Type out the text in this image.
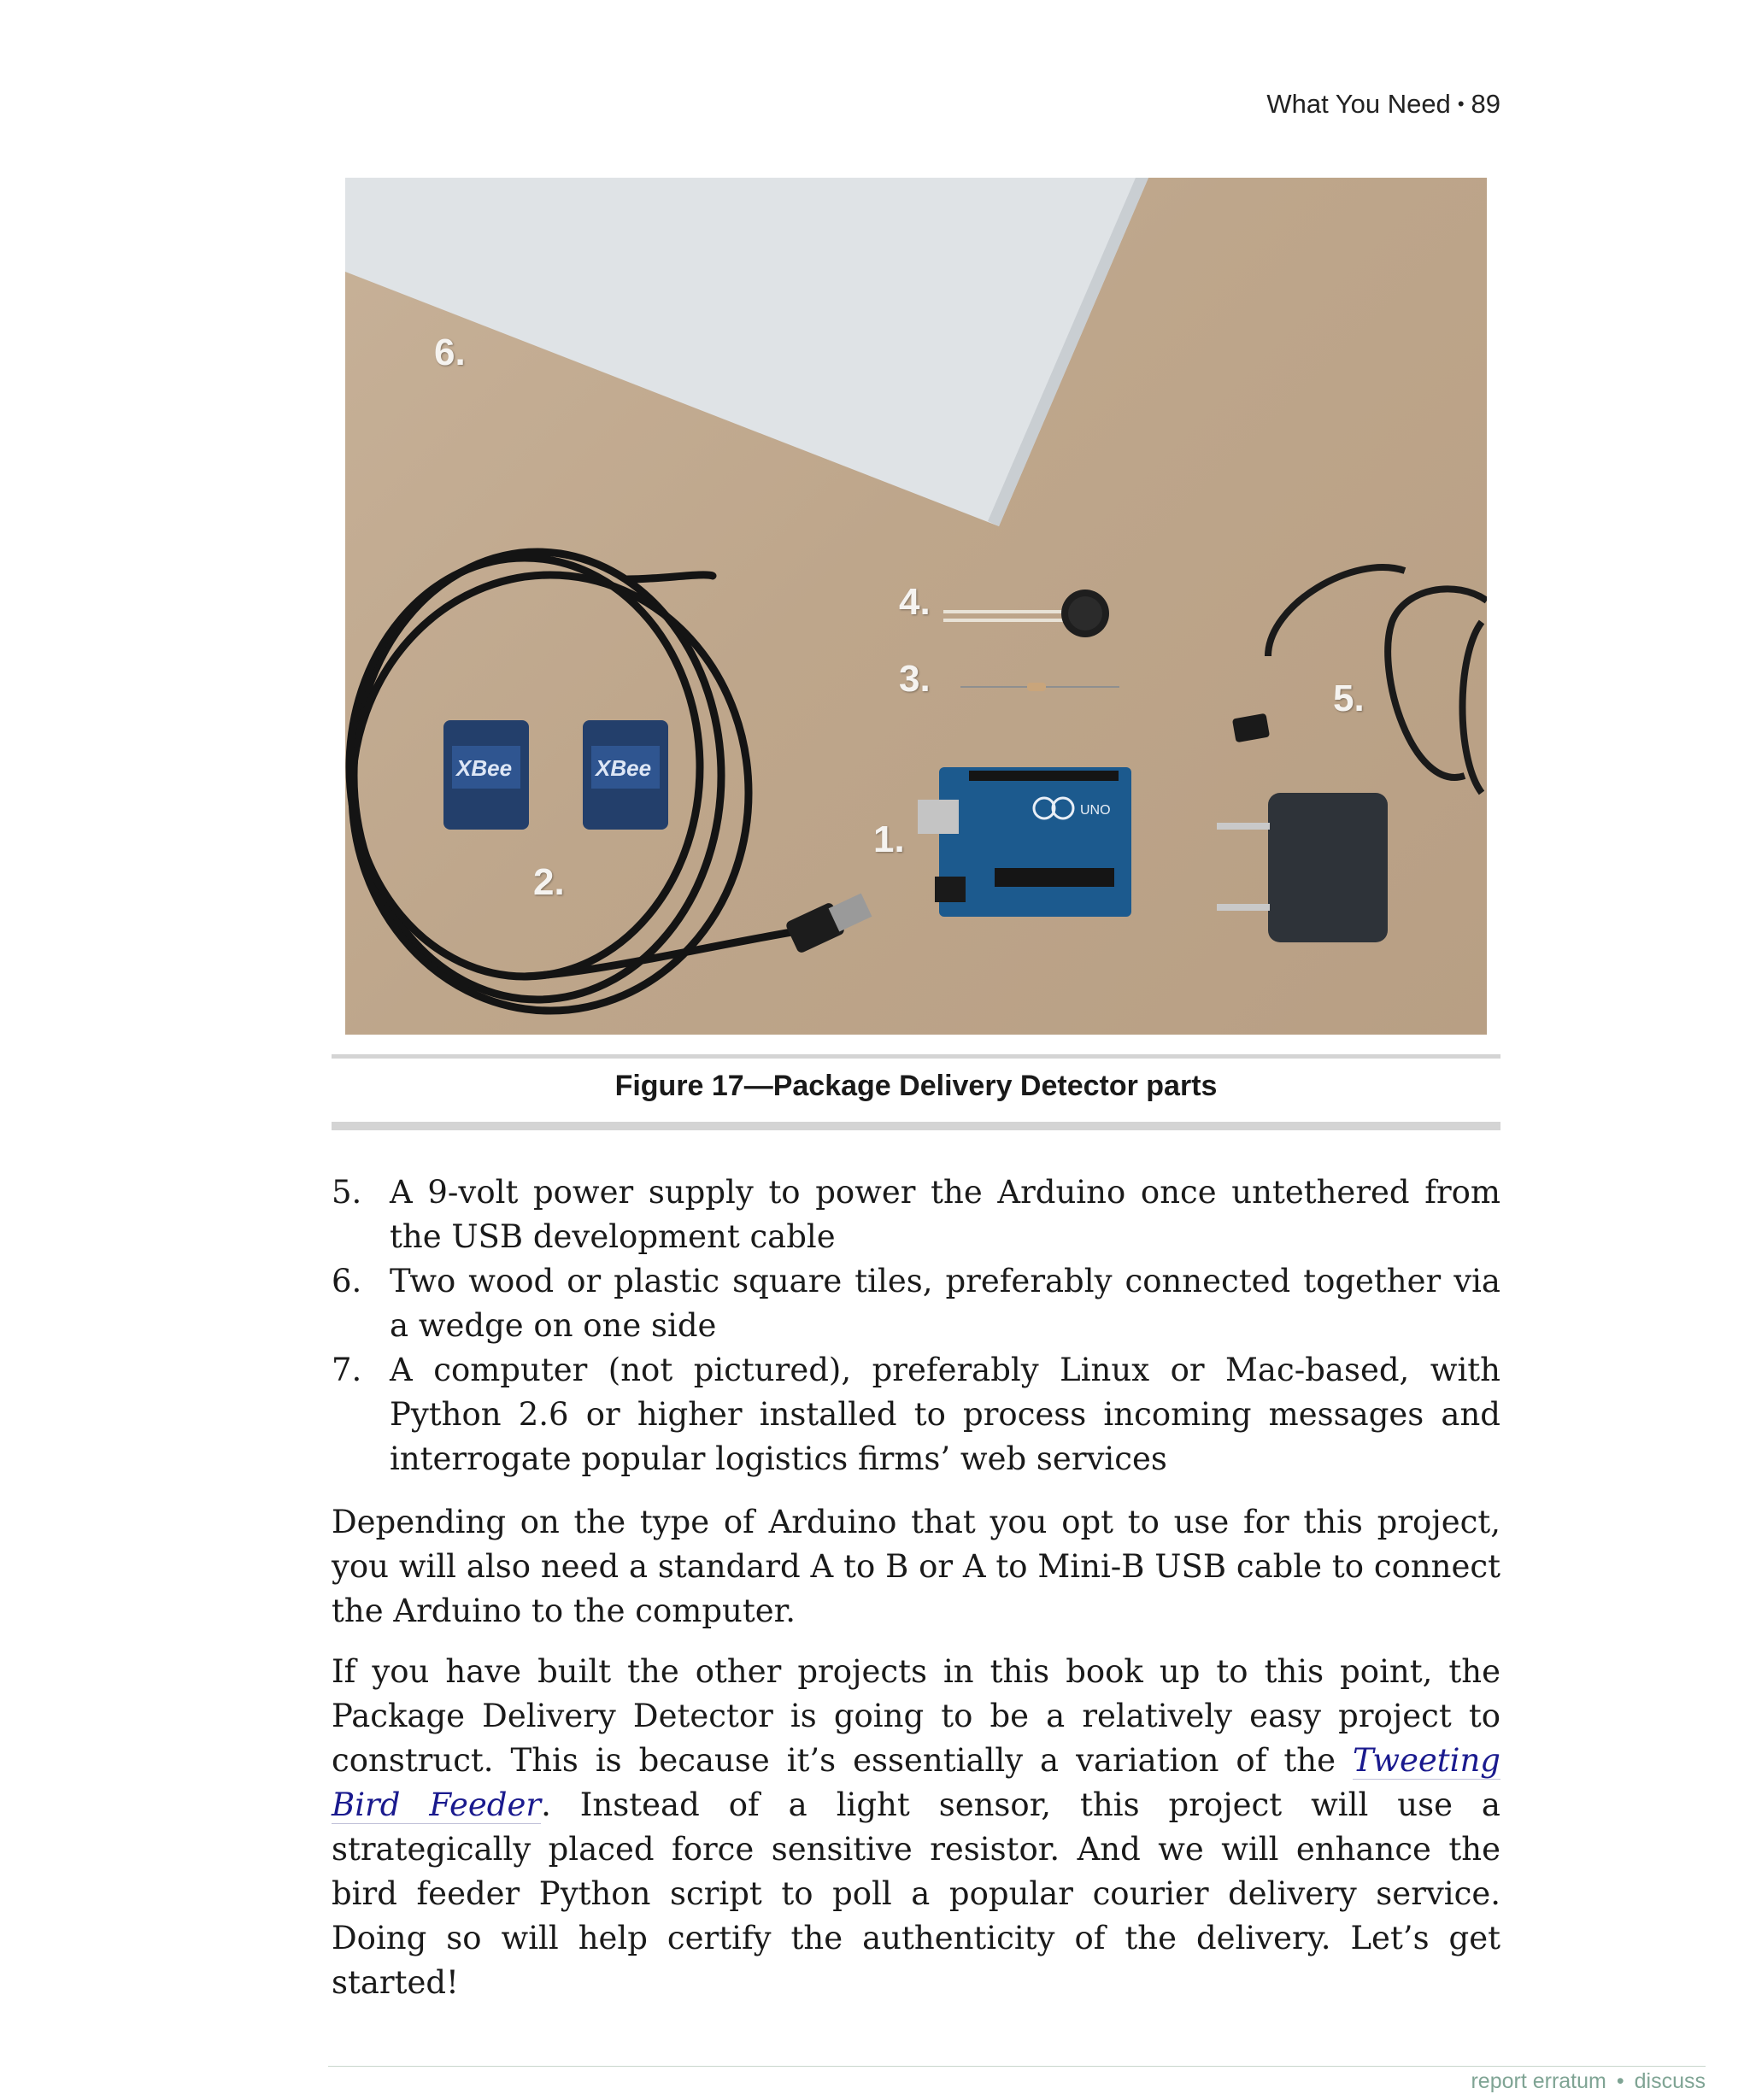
What You Need • 89
XBee	XBee
UNO
6.
4.
3.	5.
1.
2.
Figure 17—Package Delivery Detector parts
5. A 9-volt power supply to power the Arduino once untethered from the USB development cable
6. Two wood or plastic square tiles, preferably connected together via a wedge on one side
7. A computer (not pictured), preferably Linux or Mac-based, with Python 2.6 or higher installed to process incoming messages and interrogate popular logistics firms’ web services

Depending on the type of Arduino that you opt to use for this project, you will also need a standard A to B or A to Mini-B USB cable to connect the Arduino to the computer.

If you have built the other projects in this book up to this point, the Package Delivery Detector is going to be a relatively easy project to construct. This is because it’s essentially a variation of the Tweeting Bird Feeder. Instead of a light sensor, this project will use a strategically placed force sensitive resistor. And we will enhance the bird feeder Python script to poll a popular courier delivery service. Doing so will help certify the authenticity of the delivery. Let’s get started!

report erratum • discuss
